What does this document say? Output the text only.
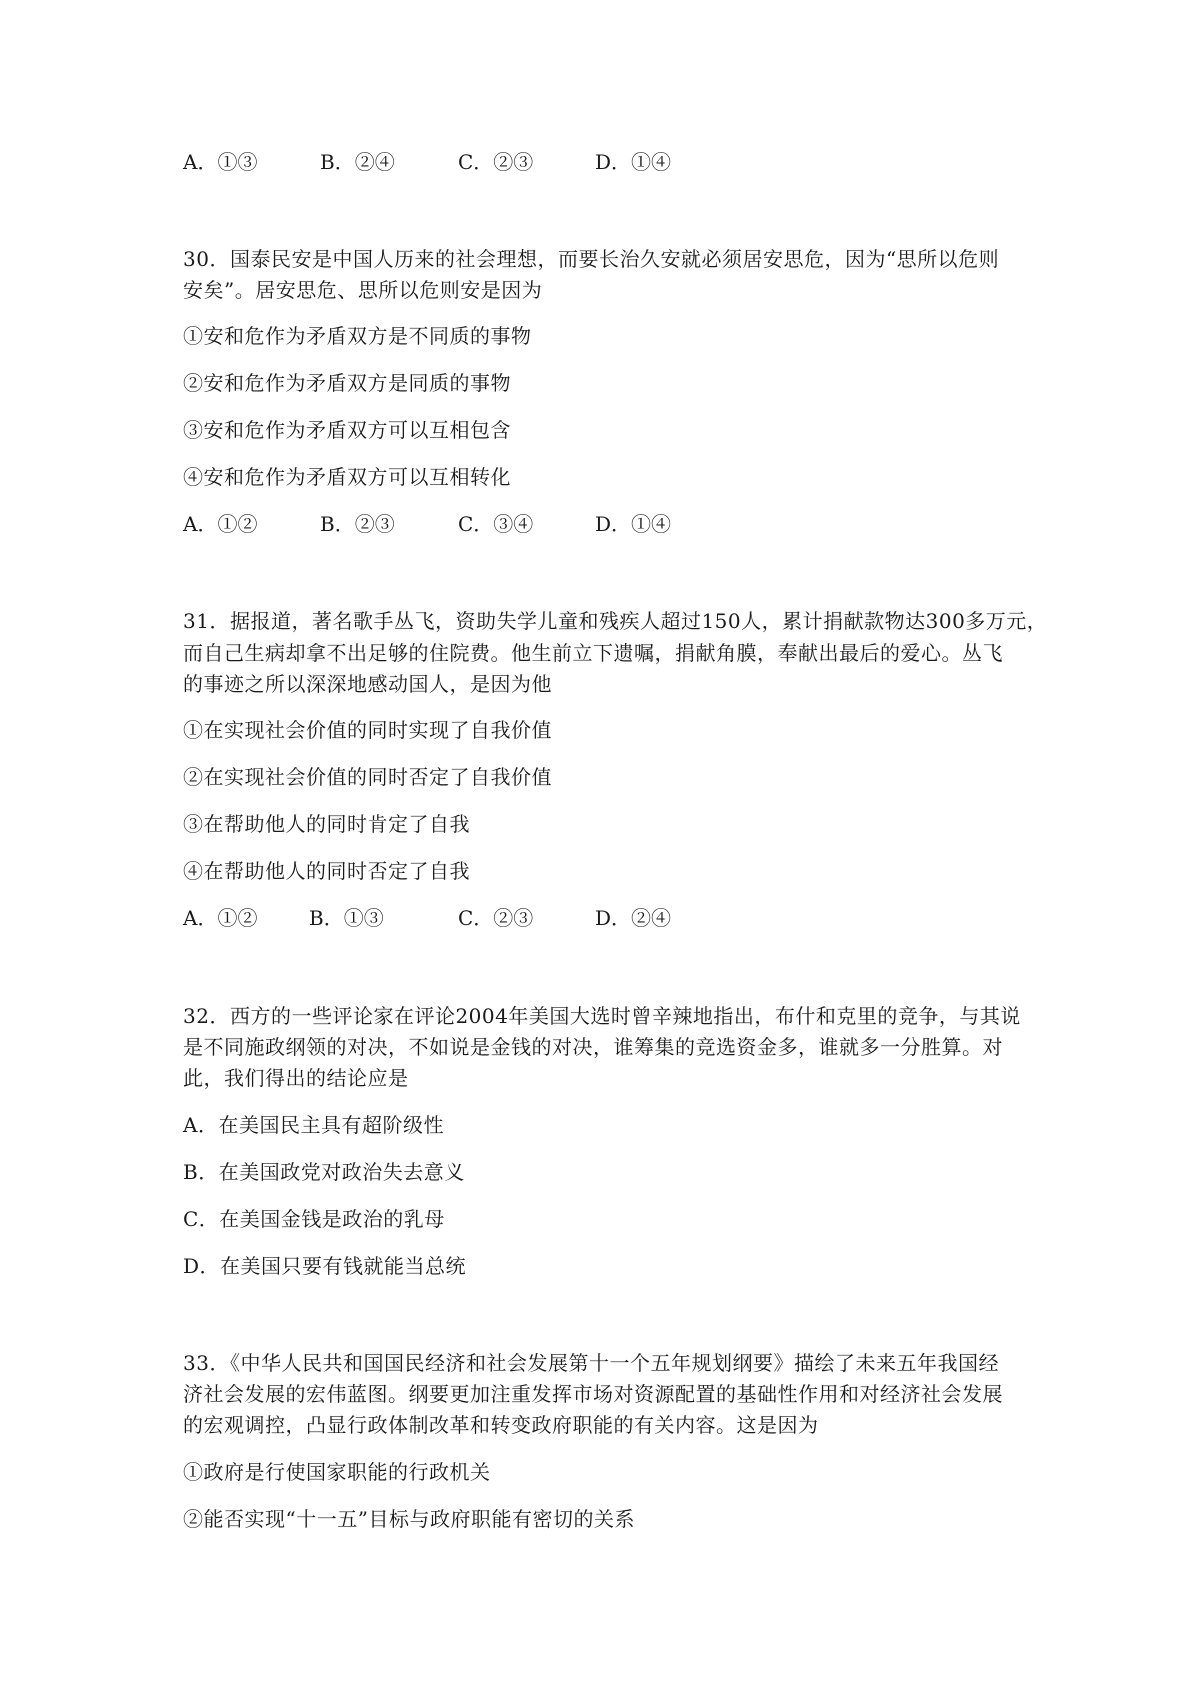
A．①③	B．②④	C．②③	D．①④
30．国泰民安是中国人历来的社会理想，而要长治久安就必须居安思危，因为“思所以危则
安矣”。居安思危、思所以危则安是因为
①安和危作为矛盾双方是不同质的事物
②安和危作为矛盾双方是同质的事物
③安和危作为矛盾双方可以互相包含
④安和危作为矛盾双方可以互相转化
A．①②	B．②③	C．③④	D．①④
31．据报道，著名歌手丛飞，资助失学儿童和残疾人超过150人，累计捐献款物达300多万元，
而自己生病却拿不出足够的住院费。他生前立下遗嘱，捐献角膜，奉献出最后的爱心。丛飞
的事迹之所以深深地感动国人，是因为他
①在实现社会价值的同时实现了自我价值
②在实现社会价值的同时否定了自我价值
③在帮助他人的同时肯定了自我
④在帮助他人的同时否定了自我
A．①②	B．①③	C．②③	D．②④
32．西方的一些评论家在评论2004年美国大选时曾辛辣地指出，布什和克里的竞争，与其说
是不同施政纲领的对决，不如说是金钱的对决，谁筹集的竞选资金多，谁就多一分胜算。对
此，我们得出的结论应是
A．在美国民主具有超阶级性
B．在美国政党对政治失去意义
C．在美国金钱是政治的乳母
D．在美国只要有钱就能当总统
33．《中华人民共和国国民经济和社会发展第十一个五年规划纲要》描绘了未来五年我国经
济社会发展的宏伟蓝图。纲要更加注重发挥市场对资源配置的基础性作用和对经济社会发展
的宏观调控，凸显行政体制改革和转变政府职能的有关内容。这是因为
①政府是行使国家职能的行政机关
②能否实现“十一五”目标与政府职能有密切的关系
